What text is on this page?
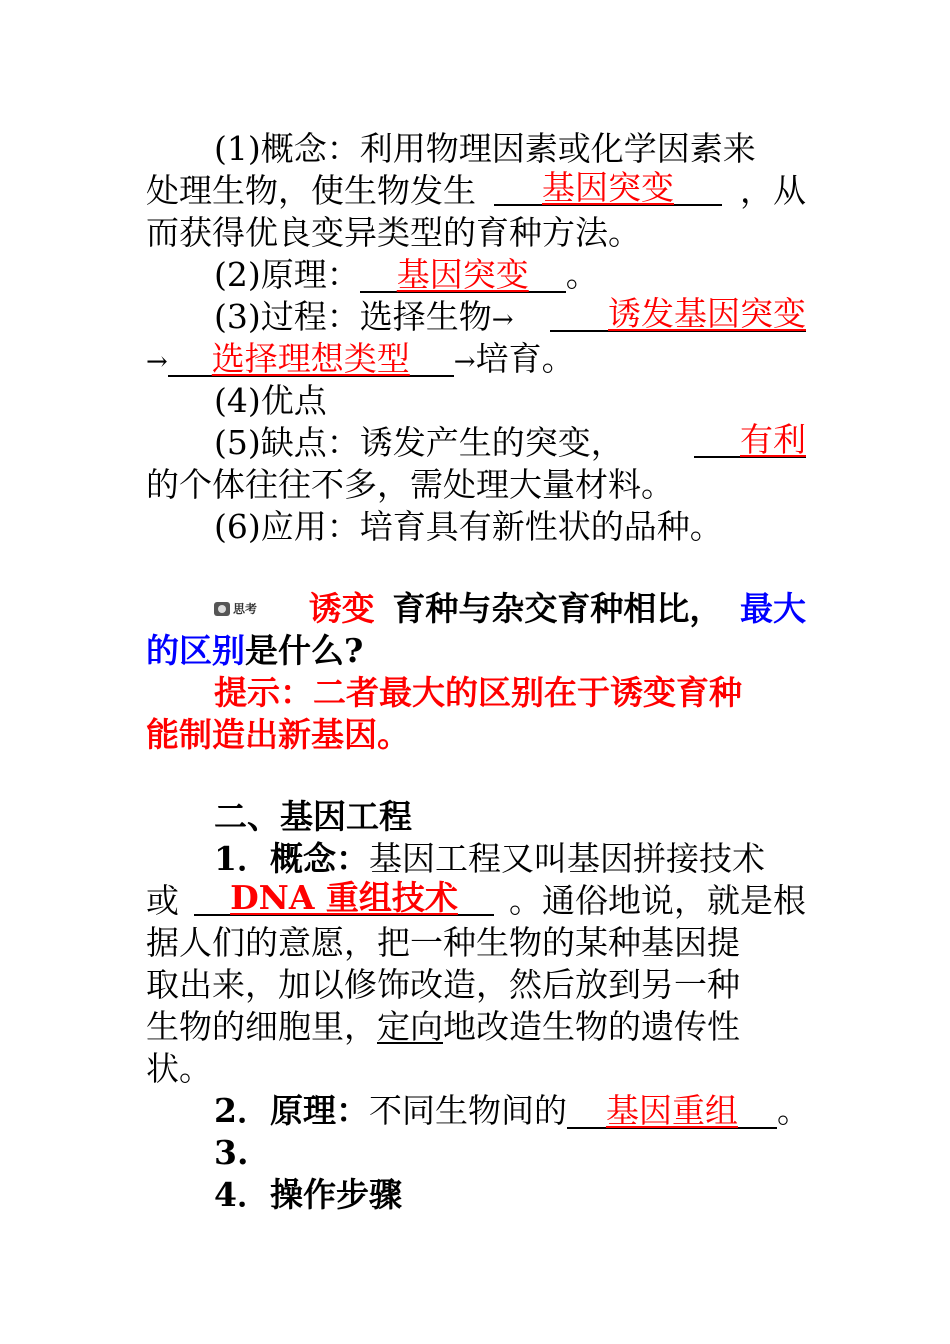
(1)概念：利用物理因素或化学因素来
处理生物，使生物发生	基因突变	，从
而获得优良变异类型的育种方法。
(2)原理： 基因突变 。
(3)过程：选择生物→	诱发基因突变
→ 选择理想类型 →培育。
(4)优点
(5)缺点：诱发产生的突变，	有利
的个体往往不多，需处理大量材料。
(6)应用：培育具有新性状的品种。
思考 诱变 育种与杂交育种相比， 最大
的区别是什么?
提示：二者最大的区别在于诱变育种
能制造出新基因。
二、基因工程
1．概念：基因工程又叫基因拼接技术
或	DNA 重组技术	。通俗地说，就是根
据人们的意愿，把一种生物的某种基因提
取出来，加以修饰改造，然后放到另一种
生物的细胞里，定向地改造生物的遗传性
状。
2．原理：不同生物间的 基因重组 。
3.
4．操作步骤
